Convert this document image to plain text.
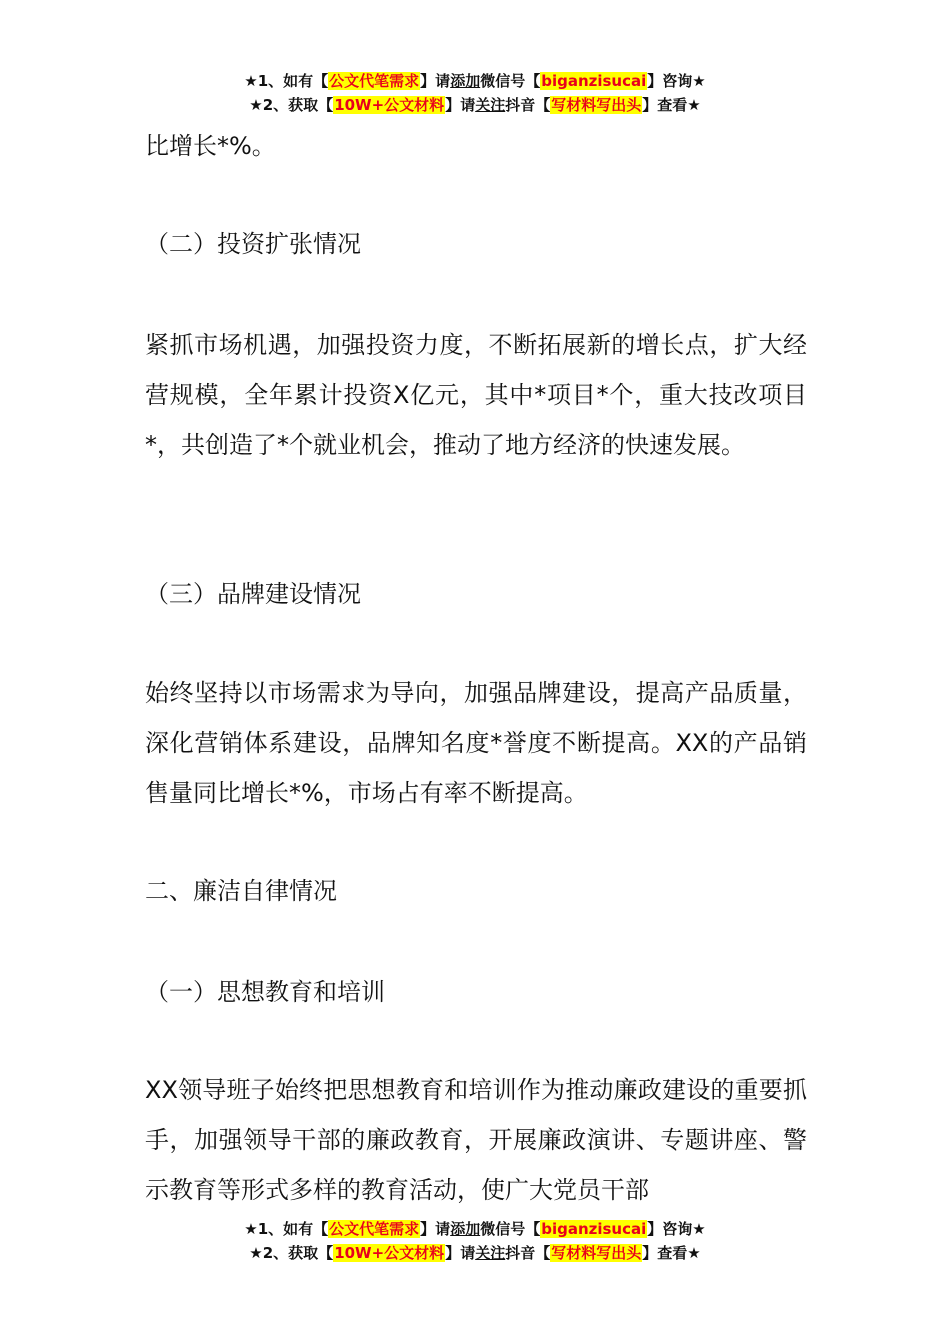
★1、如有【公文代笔需求】请添加微信号【biganzisucai】咨询★
★2、获取【10W+公文材料】请关注抖音【写材料写出头】查看★

比增长*%。

（二）投资扩张情况

紧抓市场机遇，加强投资力度，不断拓展新的增长点，扩大经营规模，全年累计投资X亿元，其中*项目*个，重大技改项目*，共创造了*个就业机会，推动了地方经济的快速发展。

（三）品牌建设情况

始终坚持以市场需求为导向，加强品牌建设，提高产品质量，深化营销体系建设，品牌知名度*誉度不断提高。XX的产品销售量同比增长*%，市场占有率不断提高。

二、廉洁自律情况

（一）思想教育和培训

XX领导班子始终把思想教育和培训作为推动廉政建设的重要抓手，加强领导干部的廉政教育，开展廉政演讲、专题讲座、警示教育等形式多样的教育活动，使广大党员干部

★1、如有【公文代笔需求】请添加微信号【biganzisucai】咨询★
★2、获取【10W+公文材料】请关注抖音【写材料写出头】查看★
